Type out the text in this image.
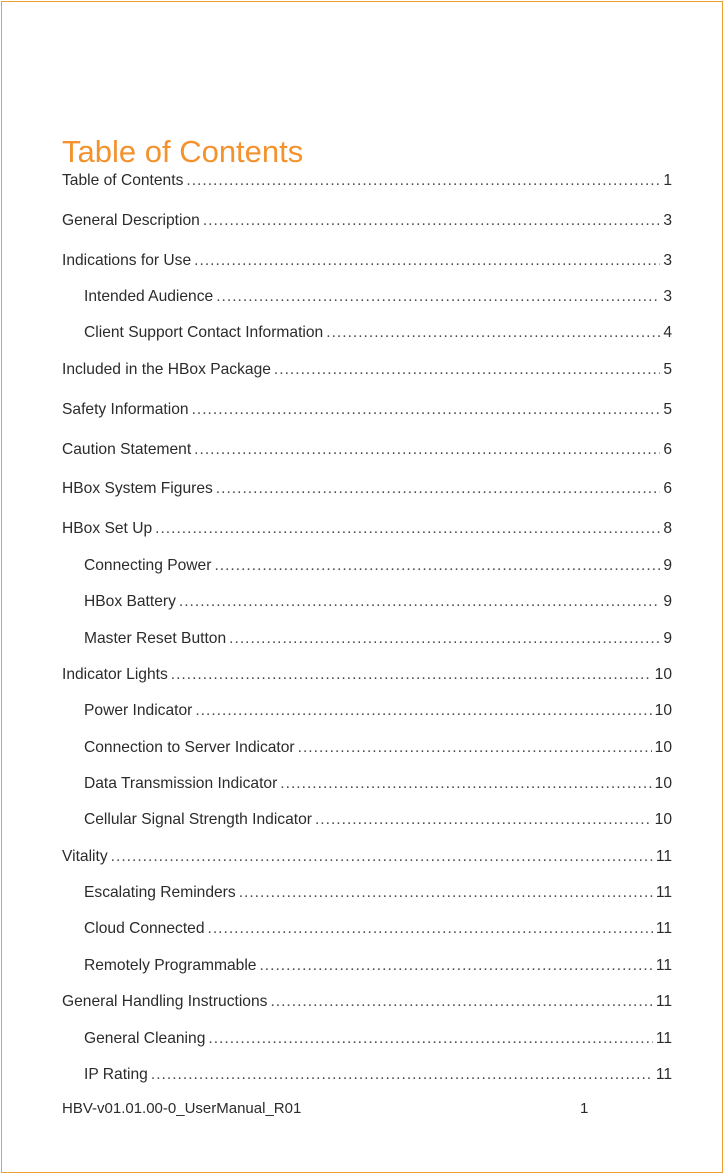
Table of Contents
Table of Contents .....	1
General Description .....	3
Indications for Use .....	3
Intended Audience .....	3
Client Support Contact Information .....	4
Included in the HBox Package .....	5
Safety Information .....	5
Caution Statement .....	6
HBox System Figures .....	6
HBox Set Up .....	8
Connecting Power .....	9
HBox Battery .....	9
Master Reset Button .....	9
Indicator Lights .....	10
Power Indicator .....	10
Connection to Server Indicator .....	10
Data Transmission Indicator .....	10
Cellular Signal Strength Indicator .....	10
Vitality .....	11
Escalating Reminders .....	11
Cloud Connected .....	11
Remotely Programmable .....	11
General Handling Instructions .....	11
General Cleaning .....	11
IP Rating .....	11
HBV-v01.01.00-0_UserManual_R01	1
